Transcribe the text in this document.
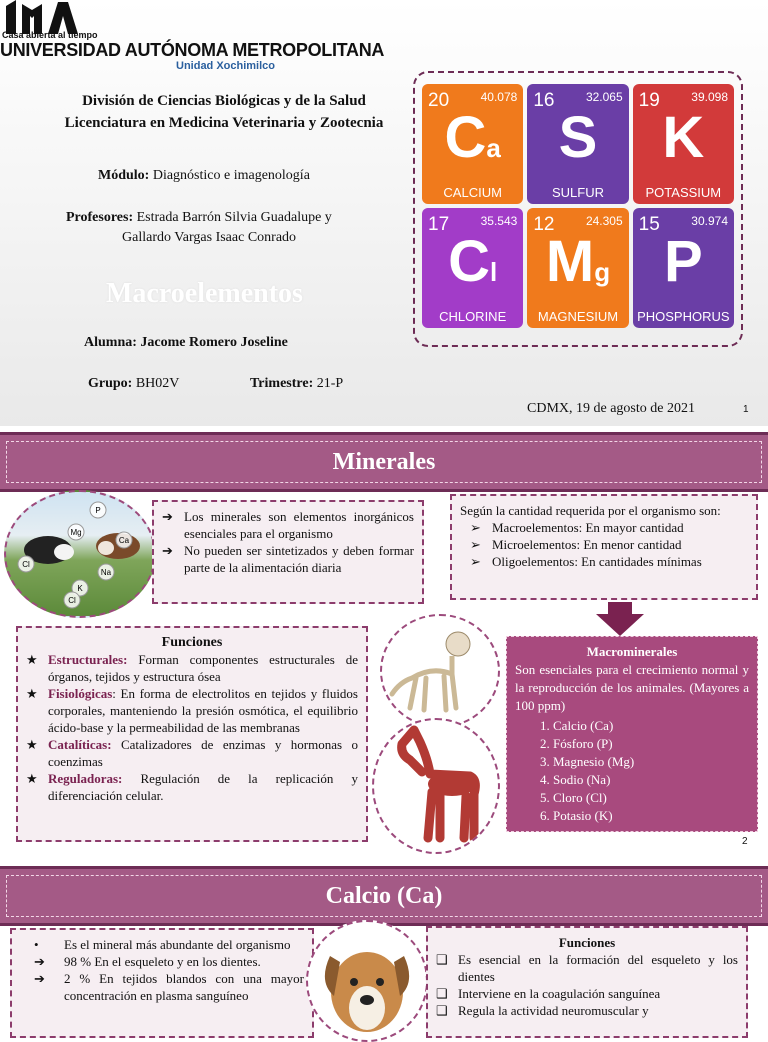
Casa abierta al tiempo
UNIVERSIDAD AUTÓNOMA METROPOLITANA
Unidad Xochimilco
División de Ciencias Biológicas y de la Salud Licenciatura en Medicina Veterinaria y Zootecnia
Módulo: Diagnóstico e imagenología
Profesores: Estrada Barrón Silvia Guadalupe y
Gallardo Vargas Isaac Conrado
Macroelementos
Alumna: Jacome Romero Joseline
Grupo: BH02V	Trimestre: 21-P
CDMX, 19 de agosto de 2021	1
20	40.078
Ca
CALCIUM
16	32.065
S
SULFUR
19	39.098
K
POTASSIUM
17	35.543
Cl
CHLORINE
12	24.305
Mg
MAGNESIUM
15	30.974
P
PHOSPHORUS
Minerales
P
Mg
Cl
Na
Ca
K
Cl
➔ Los minerales son elementos inorgánicos esenciales para el organismo
➔ No pueden ser sintetizados y deben formar parte de la alimentación diaria
Según la cantidad requerida por el organismo son:
➢ Macroelementos: En mayor cantidad
➢ Microelementos: En menor cantidad
➢ Oligoelementos: En cantidades mínimas
Funciones
★ Estructurales: Forman componentes estructurales de órganos, tejidos y estructura ósea
★ Fisiológicas: En forma de electrolitos en tejidos y fluidos corporales, manteniendo la presión osmótica, el equilibrio ácido-base y la permeabilidad de las membranas
★ Catalíticas: Catalizadores de enzimas y hormonas o coenzimas
★ Reguladoras: Regulación de la replicación y diferenciación celular.
Macrominerales
Son esenciales para el crecimiento normal y la reproducción de los animales. (Mayores a 100 ppm)
1. Calcio (Ca)
2. Fósforo (P)
3. Magnesio (Mg)
4. Sodio (Na)
5. Cloro (Cl)
6. Potasio (K)
2
Calcio (Ca)
• Es el mineral más abundante del organismo
➔ 98 % En el esqueleto y en los dientes.
➔ 2 % En tejidos blandos con una mayor concentración en plasma sanguíneo
Funciones
❑ Es esencial en la formación del esqueleto y los dientes
❑ Interviene en la coagulación sanguínea
❑ Regula la actividad neuromuscular y
